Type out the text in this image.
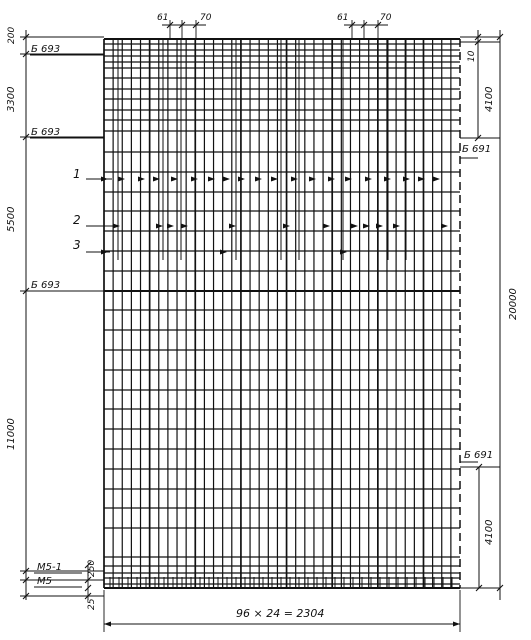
200
3300
5500
11000
250
25
61	70	61	70
10
4100
20000
4100
96 × 24 = 2304
Б 693
Б 693
Б 693
Б 691
Б 691
М5-1
М5
1
2
3
